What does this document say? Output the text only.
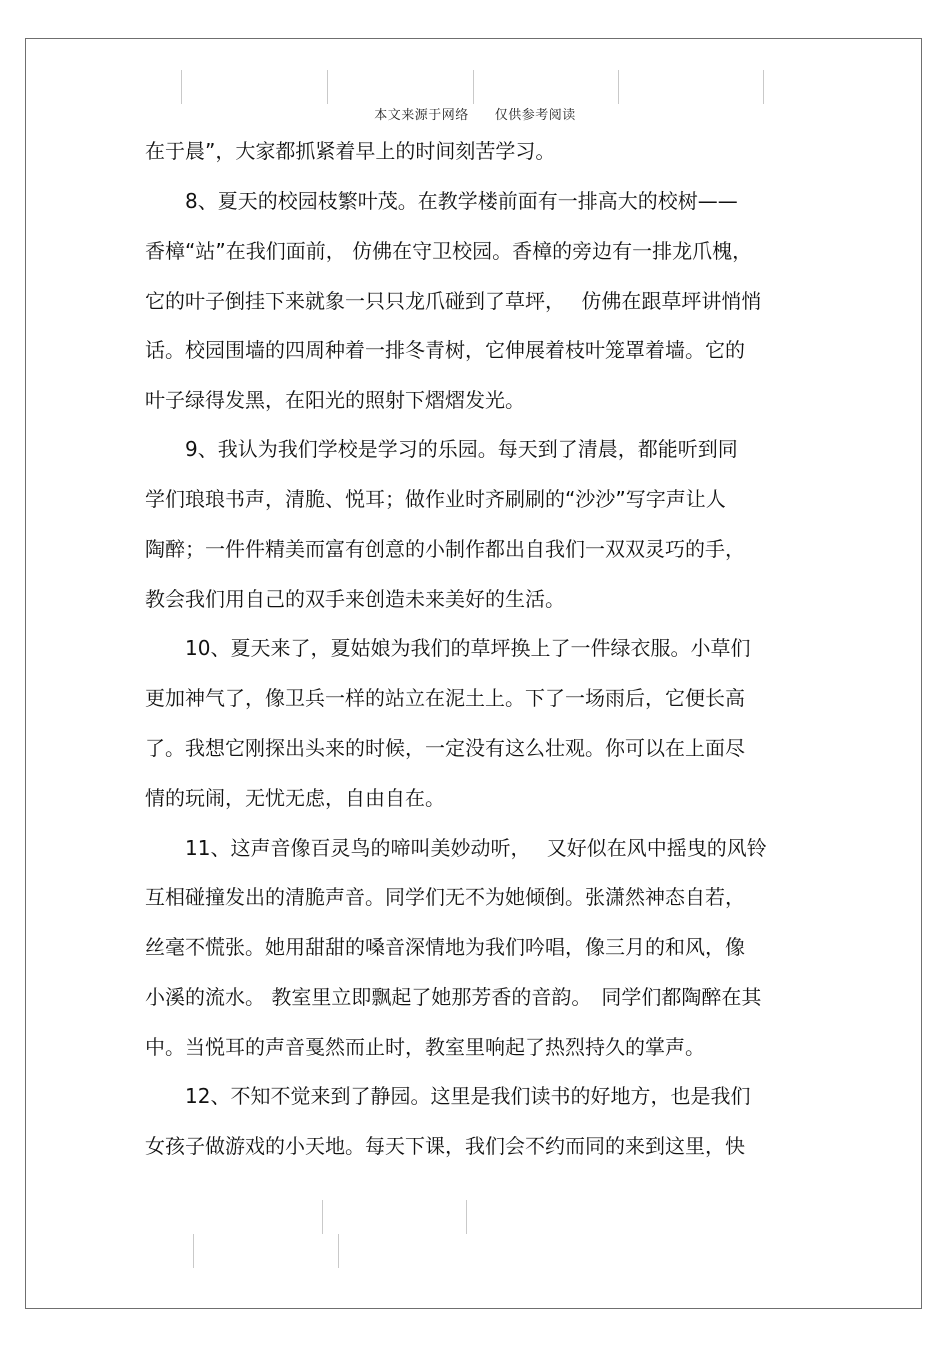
本文来源于网络 仅供参考阅读
在于晨”，大家都抓紧着早上的时间刻苦学习。
　　8、夏天的校园枝繁叶茂。在教学楼前面有一排高大的校树——
香樟“站”在我们面前， 仿佛在守卫校园。香樟的旁边有一排龙爪槐，
它的叶子倒挂下来就象一只只龙爪碰到了草坪，　 仿佛在跟草坪讲悄悄
话。校园围墙的四周种着一排冬青树，它伸展着枝叶笼罩着墙。它的
叶子绿得发黑，在阳光的照射下熠熠发光。
　　9、我认为我们学校是学习的乐园。每天到了清晨，都能听到同
学们琅琅书声，清脆、悦耳；做作业时齐刷刷的“沙沙”写字声让人
陶醉；一件件精美而富有创意的小制作都出自我们一双双灵巧的手，
教会我们用自己的双手来创造未来美好的生活。
　　10、夏天来了，夏姑娘为我们的草坪换上了一件绿衣服。小草们
更加神气了，像卫兵一样的站立在泥土上。下了一场雨后，它便长高
了。我想它刚探出头来的时候，一定没有这么壮观。你可以在上面尽
情的玩闹，无忧无虑，自由自在。
　　11、这声音像百灵鸟的啼叫美妙动听，　 又好似在风中摇曳的风铃
互相碰撞发出的清脆声音。同学们无不为她倾倒。张潇然神态自若，
丝毫不慌张。她用甜甜的嗓音深情地为我们吟唱，像三月的和风，像
小溪的流水。 教室里立即飘起了她那芳香的音韵。　同学们都陶醉在其
中。当悦耳的声音戛然而止时，教室里响起了热烈持久的掌声。
　　12、不知不觉来到了静园。这里是我们读书的好地方，也是我们
女孩子做游戏的小天地。每天下课，我们会不约而同的来到这里，快
